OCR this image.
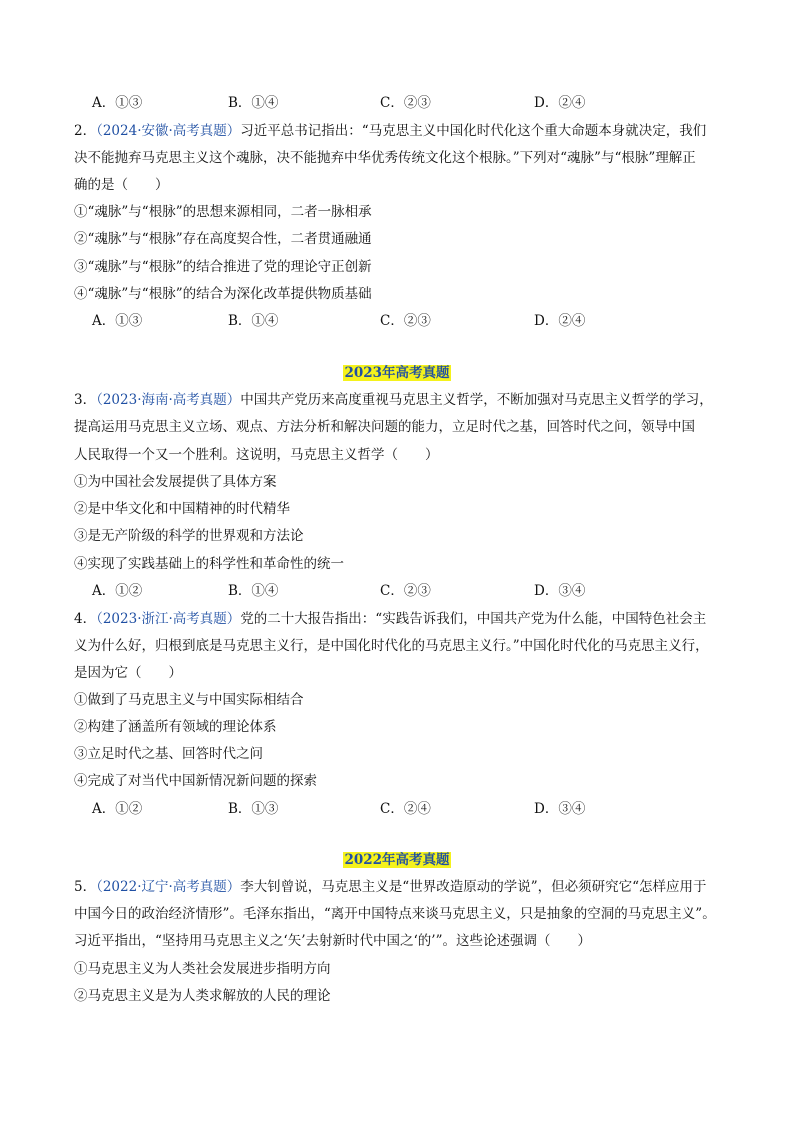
A．①③	B．①④	C．②③	D．②④
2．（2024·安徽·高考真题）习近平总书记指出：“马克思主义中国化时代化这个重大命题本身就决定，我们
决不能抛弃马克思主义这个魂脉，决不能抛弃中华优秀传统文化这个根脉。”下列对“魂脉”与“根脉”理解正
确的是（　　）
①“魂脉”与“根脉”的思想来源相同，二者一脉相承
②“魂脉”与“根脉”存在高度契合性，二者贯通融通
③“魂脉”与“根脉”的结合推进了党的理论守正创新
④“魂脉”与“根脉”的结合为深化改革提供物质基础
A．①③	B．①④	C．②③	D．②④
2023年高考真题
3．（2023·海南·高考真题）中国共产党历来高度重视马克思主义哲学，不断加强对马克思主义哲学的学习，
提高运用马克思主义立场、观点、方法分析和解决问题的能力，立足时代之基，回答时代之问，领导中国
人民取得一个又一个胜利。这说明，马克思主义哲学（　　）
①为中国社会发展提供了具体方案
②是中华文化和中国精神的时代精华
③是无产阶级的科学的世界观和方法论
④实现了实践基础上的科学性和革命性的统一
A．①②	B．①④	C．②③	D．③④
4．（2023·浙江·高考真题）党的二十大报告指出：“实践告诉我们，中国共产党为什么能，中国特色社会主
义为什么好，归根到底是马克思主义行，是中国化时代化的马克思主义行。”中国化时代化的马克思主义行，
是因为它（　　）
①做到了马克思主义与中国实际相结合
②构建了涵盖所有领域的理论体系
③立足时代之基、回答时代之问
④完成了对当代中国新情况新问题的探索
A．①②	B．①③	C．②④	D．③④
2022年高考真题
5．（2022·辽宁·高考真题）李大钊曾说，马克思主义是“世界改造原动的学说”，但必须研究它“怎样应用于
中国今日的政治经济情形”。毛泽东指出，“离开中国特点来谈马克思主义，只是抽象的空洞的马克思主义”。
习近平指出，“坚持用马克思主义之‘矢’去射新时代中国之‘的’”。这些论述强调（　　）
①马克思主义为人类社会发展进步指明方向
②马克思主义是为人类求解放的人民的理论
